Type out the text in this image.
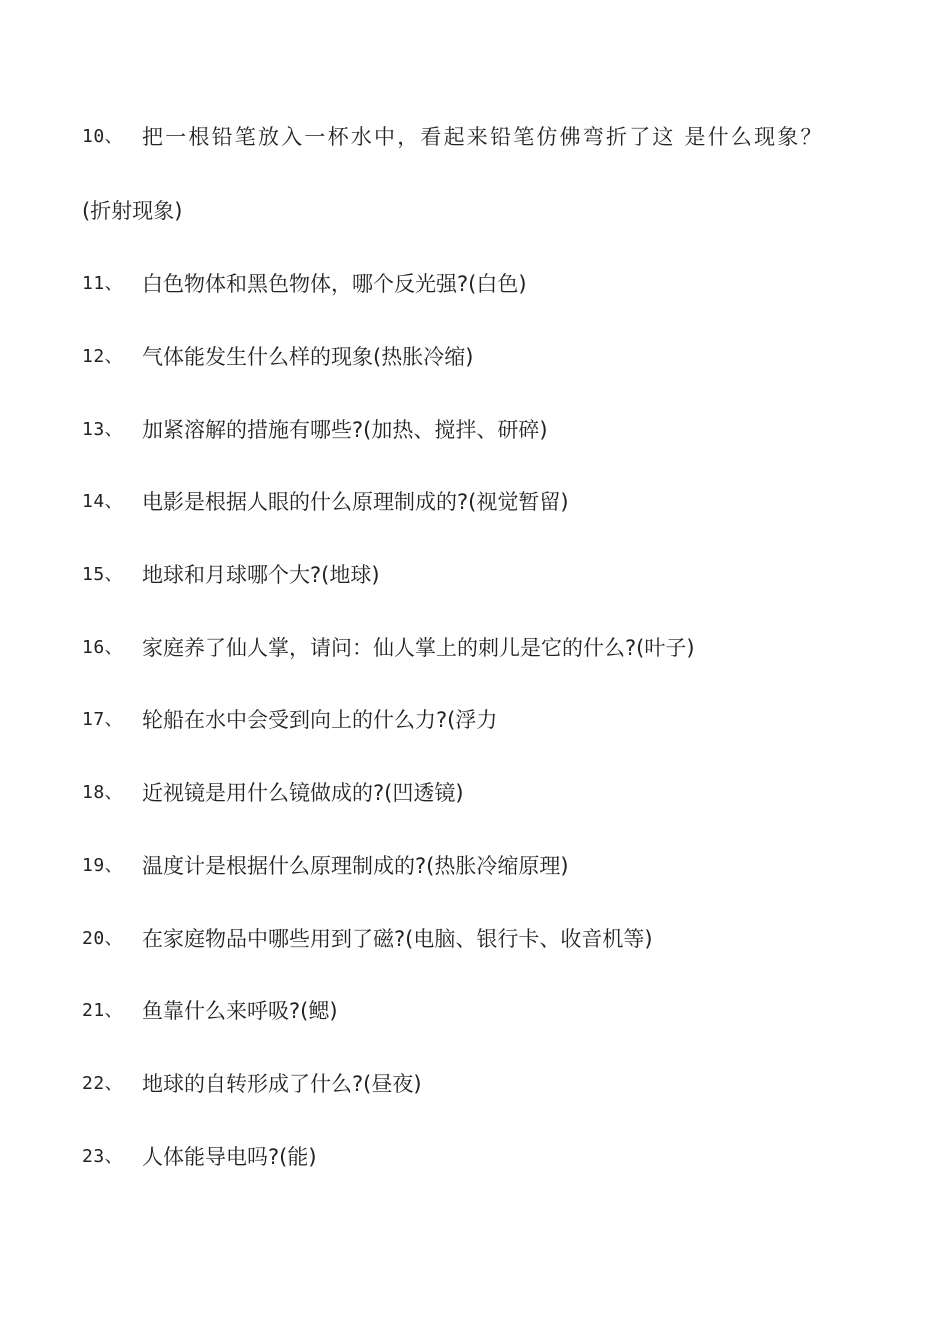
10、 把一根铅笔放入一杯水中，看起来铅笔仿佛弯折了这 是什么现象？
(折射现象)
11、 白色物体和黑色物体，哪个反光强?(白色)
12、 气体能发生什么样的现象(热胀冷缩)
13、 加紧溶解的措施有哪些?(加热、搅拌、研碎)
14、 电影是根据人眼的什么原理制成的?(视觉暂留)
15、 地球和月球哪个大?(地球)
16、 家庭养了仙人掌，请问：仙人掌上的刺儿是它的什么?(叶子)
17、 轮船在水中会受到向上的什么力?(浮力
18、 近视镜是用什么镜做成的?(凹透镜)
19、 温度计是根据什么原理制成的?(热胀冷缩原理)
20、 在家庭物品中哪些用到了磁?(电脑、银行卡、收音机等)
21、 鱼靠什么来呼吸?(鳃)
22、 地球的自转形成了什么?(昼夜)
23、 人体能导电吗?(能)
